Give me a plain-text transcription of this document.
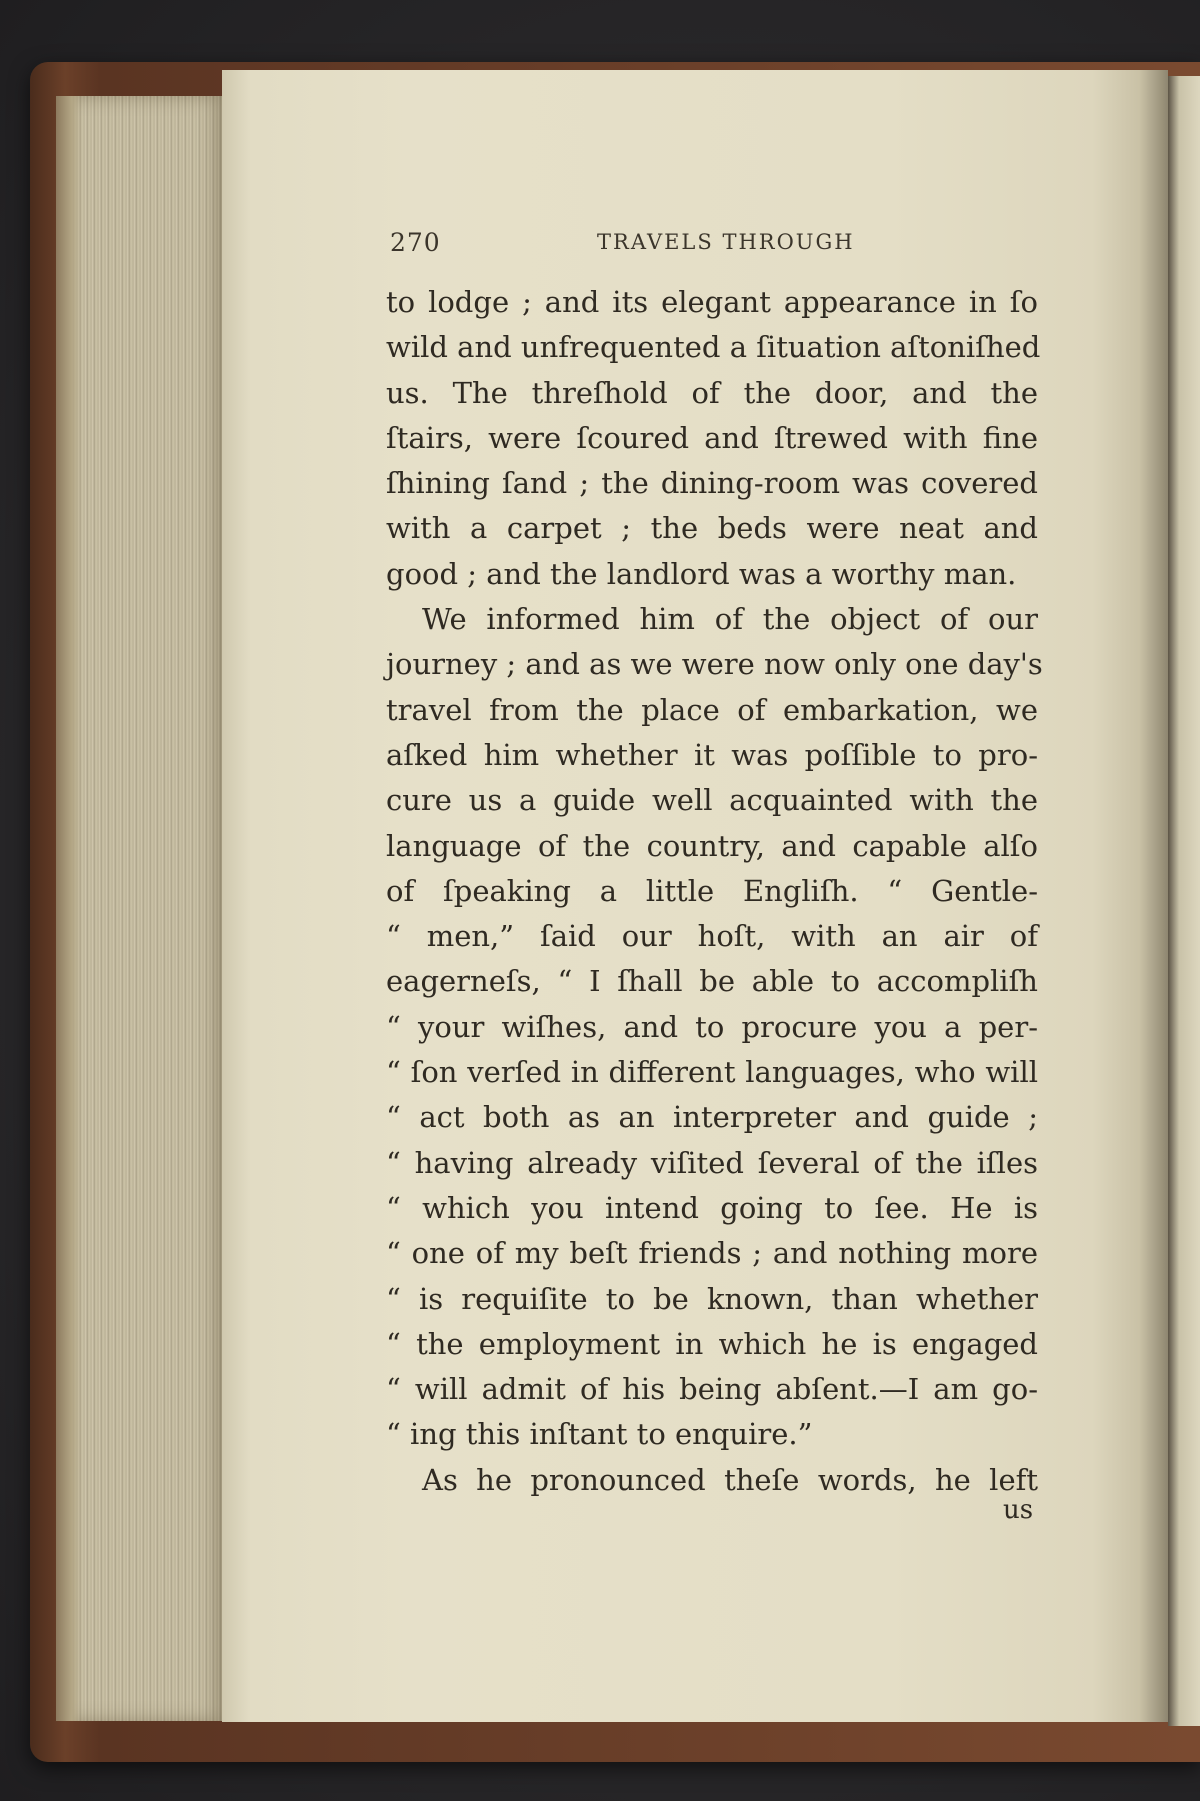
270	TRAVELS THROUGH
to lodge ; and its elegant appearance in ſo
wild and unfrequented a ſituation aſtoniſhed
us. The threſhold of the door, and the
ſtairs, were ſcoured and ſtrewed with fine
ſhining ſand ; the dining-room was covered
with a carpet ; the beds were neat and
good ; and the landlord was a worthy man.
We informed him of the object of our
journey ; and as we were now only one day's
travel from the place of embarkation, we
aſked him whether it was poſſible to pro-
cure us a guide well acquainted with the
language of the country, and capable alſo
of ſpeaking a little Engliſh. “ Gentle-
“ men,” ſaid our hoſt, with an air of
eagerneſs, “ I ſhall be able to accompliſh
“ your wiſhes, and to procure you a per-
“ ſon verſed in different languages, who will
“ act both as an interpreter and guide ;
“ having already viſited ſeveral of the iſles
“ which you intend going to ſee. He is
“ one of my beſt friends ; and nothing more
“ is requiſite to be known, than whether
“ the employment in which he is engaged
“ will admit of his being abſent.—I am go-
“ ing this inſtant to enquire.”
As he pronounced theſe words, he left
us
